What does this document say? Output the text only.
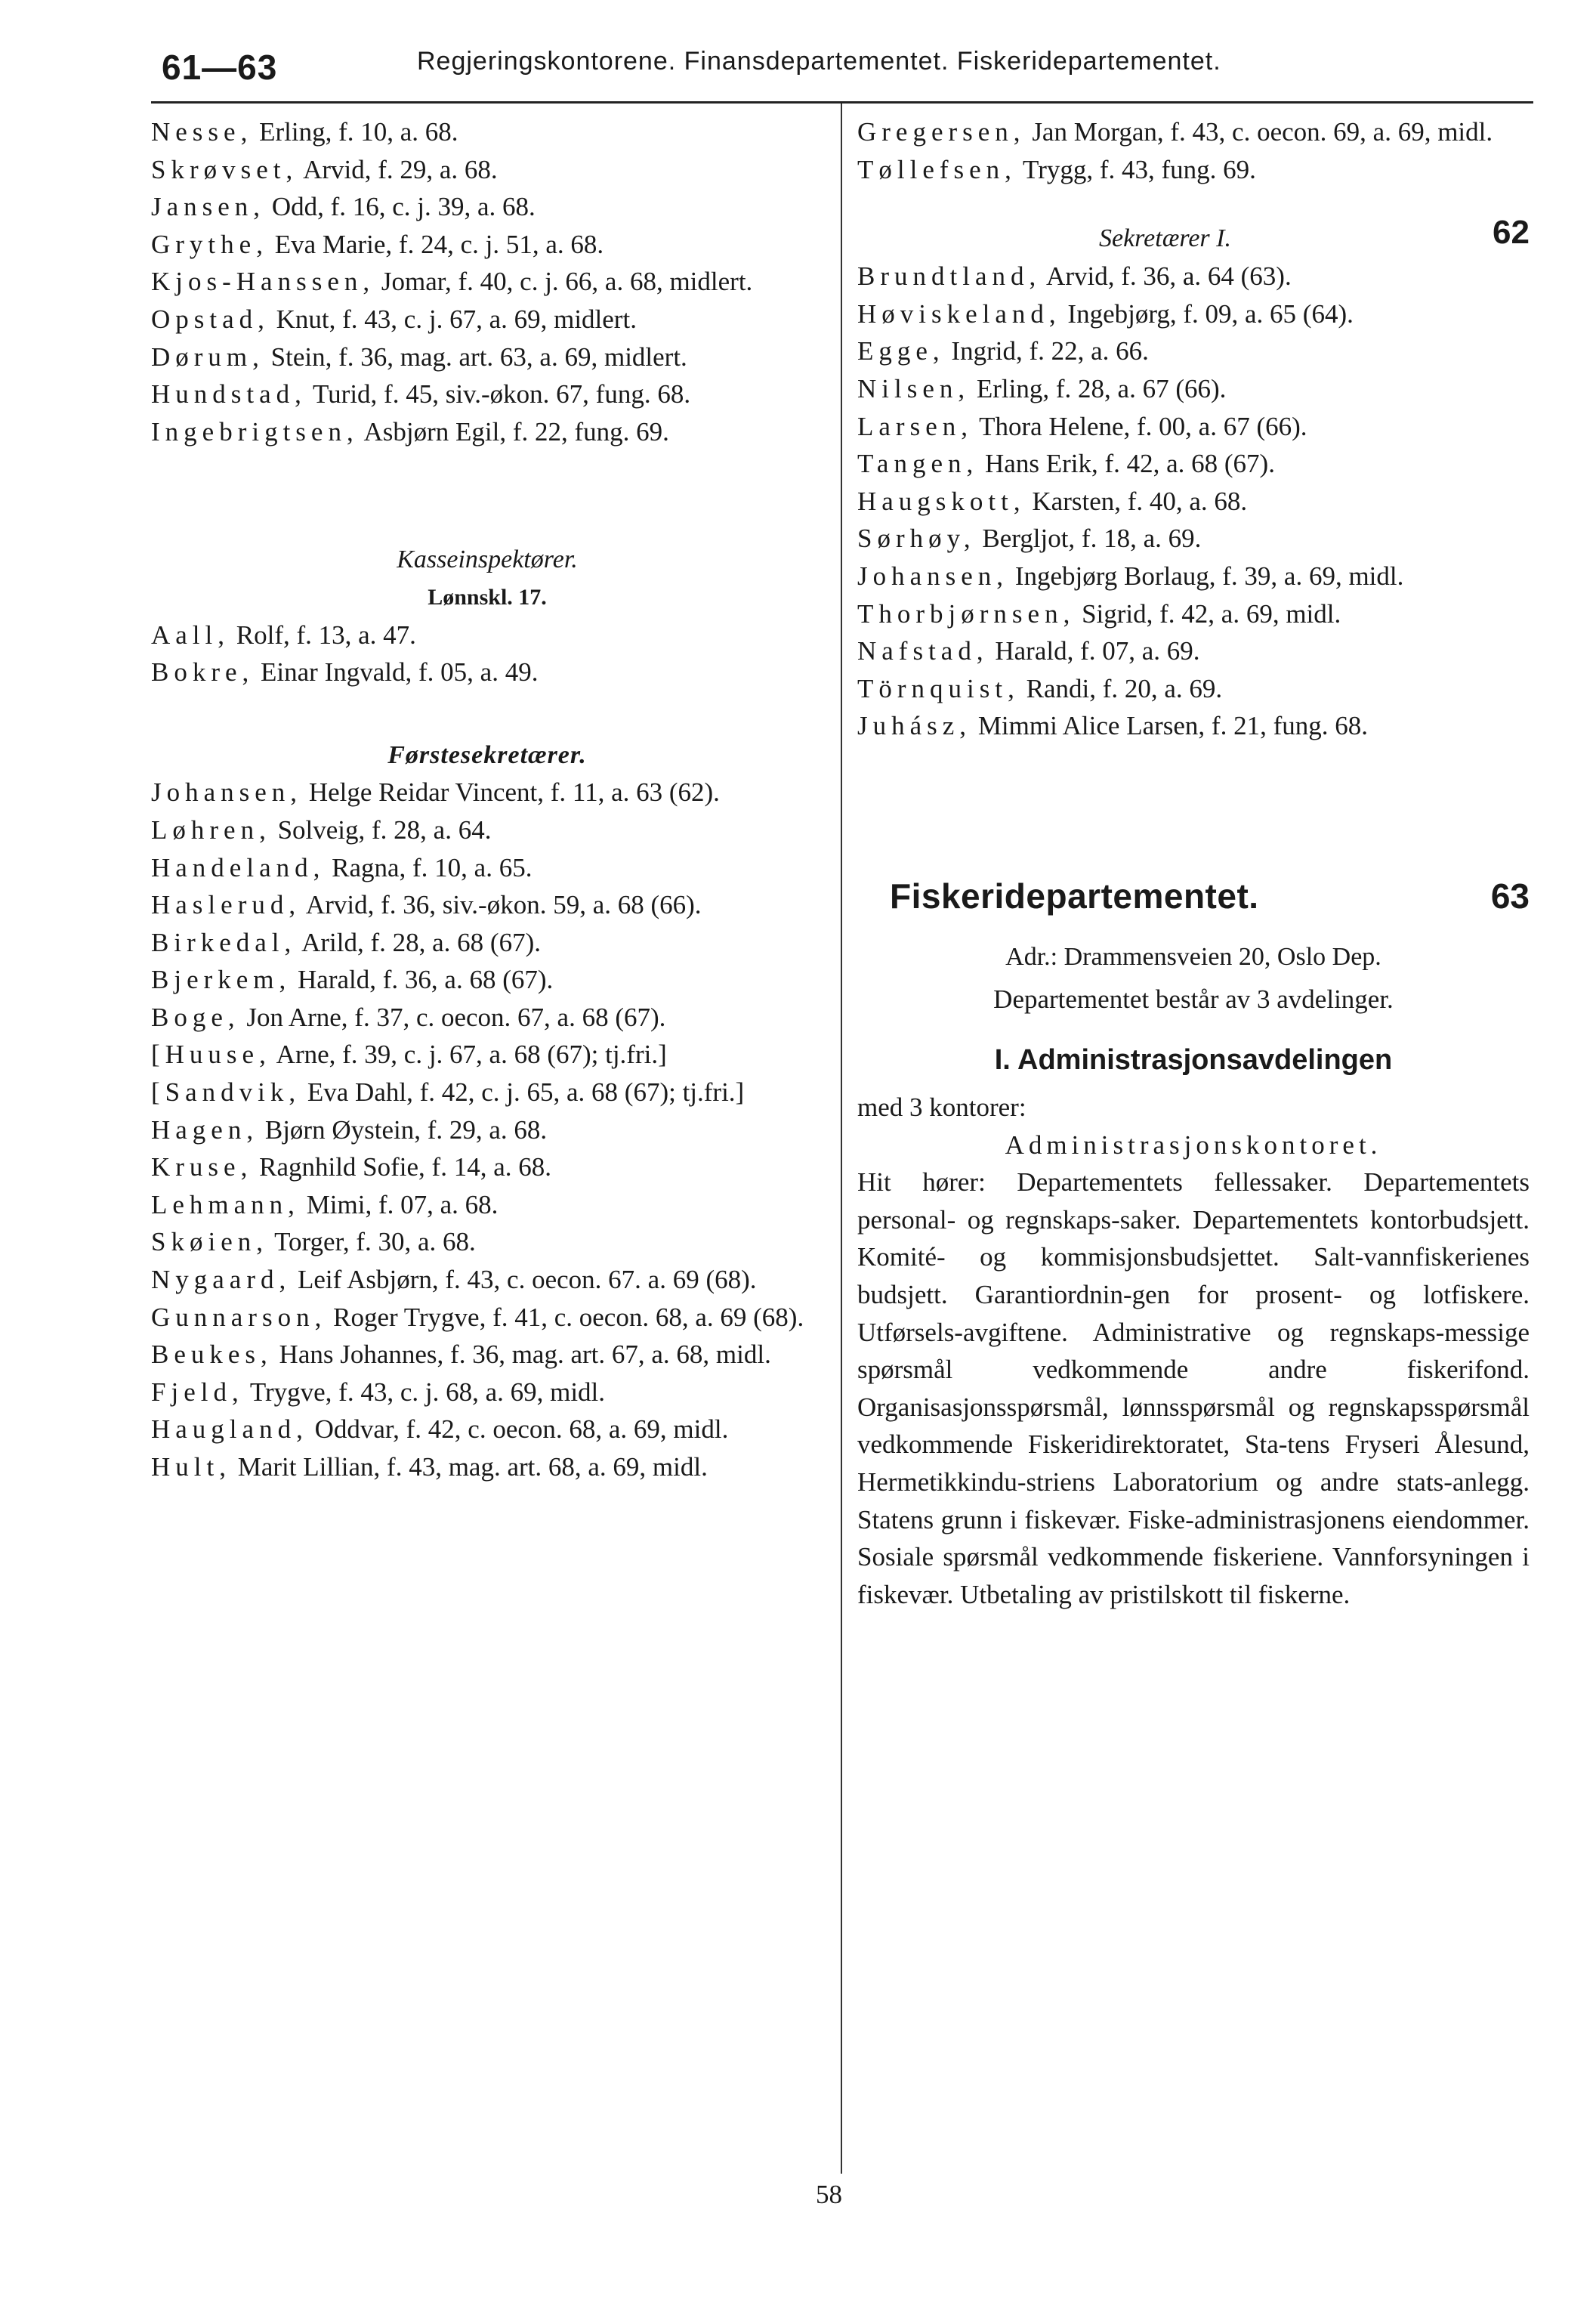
61—63	Regjeringskontorene. Finansdepartementet. Fiskeridepartementet.
Nesse, Erling, f. 10, a. 68.
Skrøvset, Arvid, f. 29, a. 68.
Jansen, Odd, f. 16, c. j. 39, a. 68.
Grythe, Eva Marie, f. 24, c. j. 51, a. 68.
Kjos-Hanssen, Jomar, f. 40, c. j. 66, a. 68, midlert.
Opstad, Knut, f. 43, c. j. 67, a. 69, midlert.
Dørum, Stein, f. 36, mag. art. 63, a. 69, midlert.
Hundstad, Turid, f. 45, siv.-økon. 67, fung. 68.
Ingebrigtsen, Asbjørn Egil, f. 22, fung. 69.
Kasseinspektører.
Lønnskl. 17.
Aall, Rolf, f. 13, a. 47.
Bokre, Einar Ingvald, f. 05, a. 49.
Førstesekretærer.
Johansen, Helge Reidar Vincent, f. 11, a. 63 (62).
Løhren, Solveig, f. 28, a. 64.
Handeland, Ragna, f. 10, a. 65.
Haslerud, Arvid, f. 36, siv.-økon. 59, a. 68 (66).
Birkedal, Arild, f. 28, a. 68 (67).
Bjerkem, Harald, f. 36, a. 68 (67).
Boge, Jon Arne, f. 37, c. oecon. 67, a. 68 (67).
[Huuse, Arne, f. 39, c. j. 67, a. 68 (67); tj.fri.]
[Sandvik, Eva Dahl, f. 42, c. j. 65, a. 68 (67); tj.fri.]
Hagen, Bjørn Øystein, f. 29, a. 68.
Kruse, Ragnhild Sofie, f. 14, a. 68.
Lehmann, Mimi, f. 07, a. 68.
Skøien, Torger, f. 30, a. 68.
Nygaard, Leif Asbjørn, f. 43, c. oecon. 67. a. 69 (68).
Gunnarson, Roger Trygve, f. 41, c. oecon. 68, a. 69 (68).
Beukes, Hans Johannes, f. 36, mag. art. 67, a. 68, midl.
Fjeld, Trygve, f. 43, c. j. 68, a. 69, midl.
Haugland, Oddvar, f. 42, c. oecon. 68, a. 69, midl.
Hult, Marit Lillian, f. 43, mag. art. 68, a. 69, midl.
Gregersen, Jan Morgan, f. 43, c. oecon. 69, a. 69, midl.
Tøllefsen, Trygg, f. 43, fung. 69.
Sekretærer I.	62
Brundtland, Arvid, f. 36, a. 64 (63).
Høviskeland, Ingebjørg, f. 09, a. 65 (64).
Egge, Ingrid, f. 22, a. 66.
Nilsen, Erling, f. 28, a. 67 (66).
Larsen, Thora Helene, f. 00, a. 67 (66).
Tangen, Hans Erik, f. 42, a. 68 (67).
Haugskott, Karsten, f. 40, a. 68.
Sørhøy, Bergljot, f. 18, a. 69.
Johansen, Ingebjørg Borlaug, f. 39, a. 69, midl.
Thorbjørnsen, Sigrid, f. 42, a. 69, midl.
Nafstad, Harald, f. 07, a. 69.
Törnquist, Randi, f. 20, a. 69.
Juhász, Mimmi Alice Larsen, f. 21, fung. 68.
Fiskeridepartementet.	63
Adr.: Drammensveien 20, Oslo Dep.
Departementet består av 3 avdelinger.
I. Administrasjonsavdelingen
med 3 kontorer:
Administrasjonskontoret.
Hit hører: Departementets fellessaker. Departementets personal- og regnskaps-saker. Departementets kontorbudsjett. Komité- og kommisjonsbudsjettet. Salt-vannfiskerienes budsjett. Garantiordnin-gen for prosent- og lotfiskere. Utførsels-avgiftene. Administrative og regnskaps-messige spørsmål vedkommende andre fiskerifond. Organisasjonsspørsmål, lønnsspørsmål og regnskapsspørsmål vedkommende Fiskeridirektoratet, Sta-tens Fryseri Ålesund, Hermetikkindu-striens Laboratorium og andre stats-anlegg. Statens grunn i fiskevær. Fiske-administrasjonens eiendommer. Sosiale spørsmål vedkommende fiskeriene. Vannforsyningen i fiskevær. Utbetaling av pristilskott til fiskerne.
58
